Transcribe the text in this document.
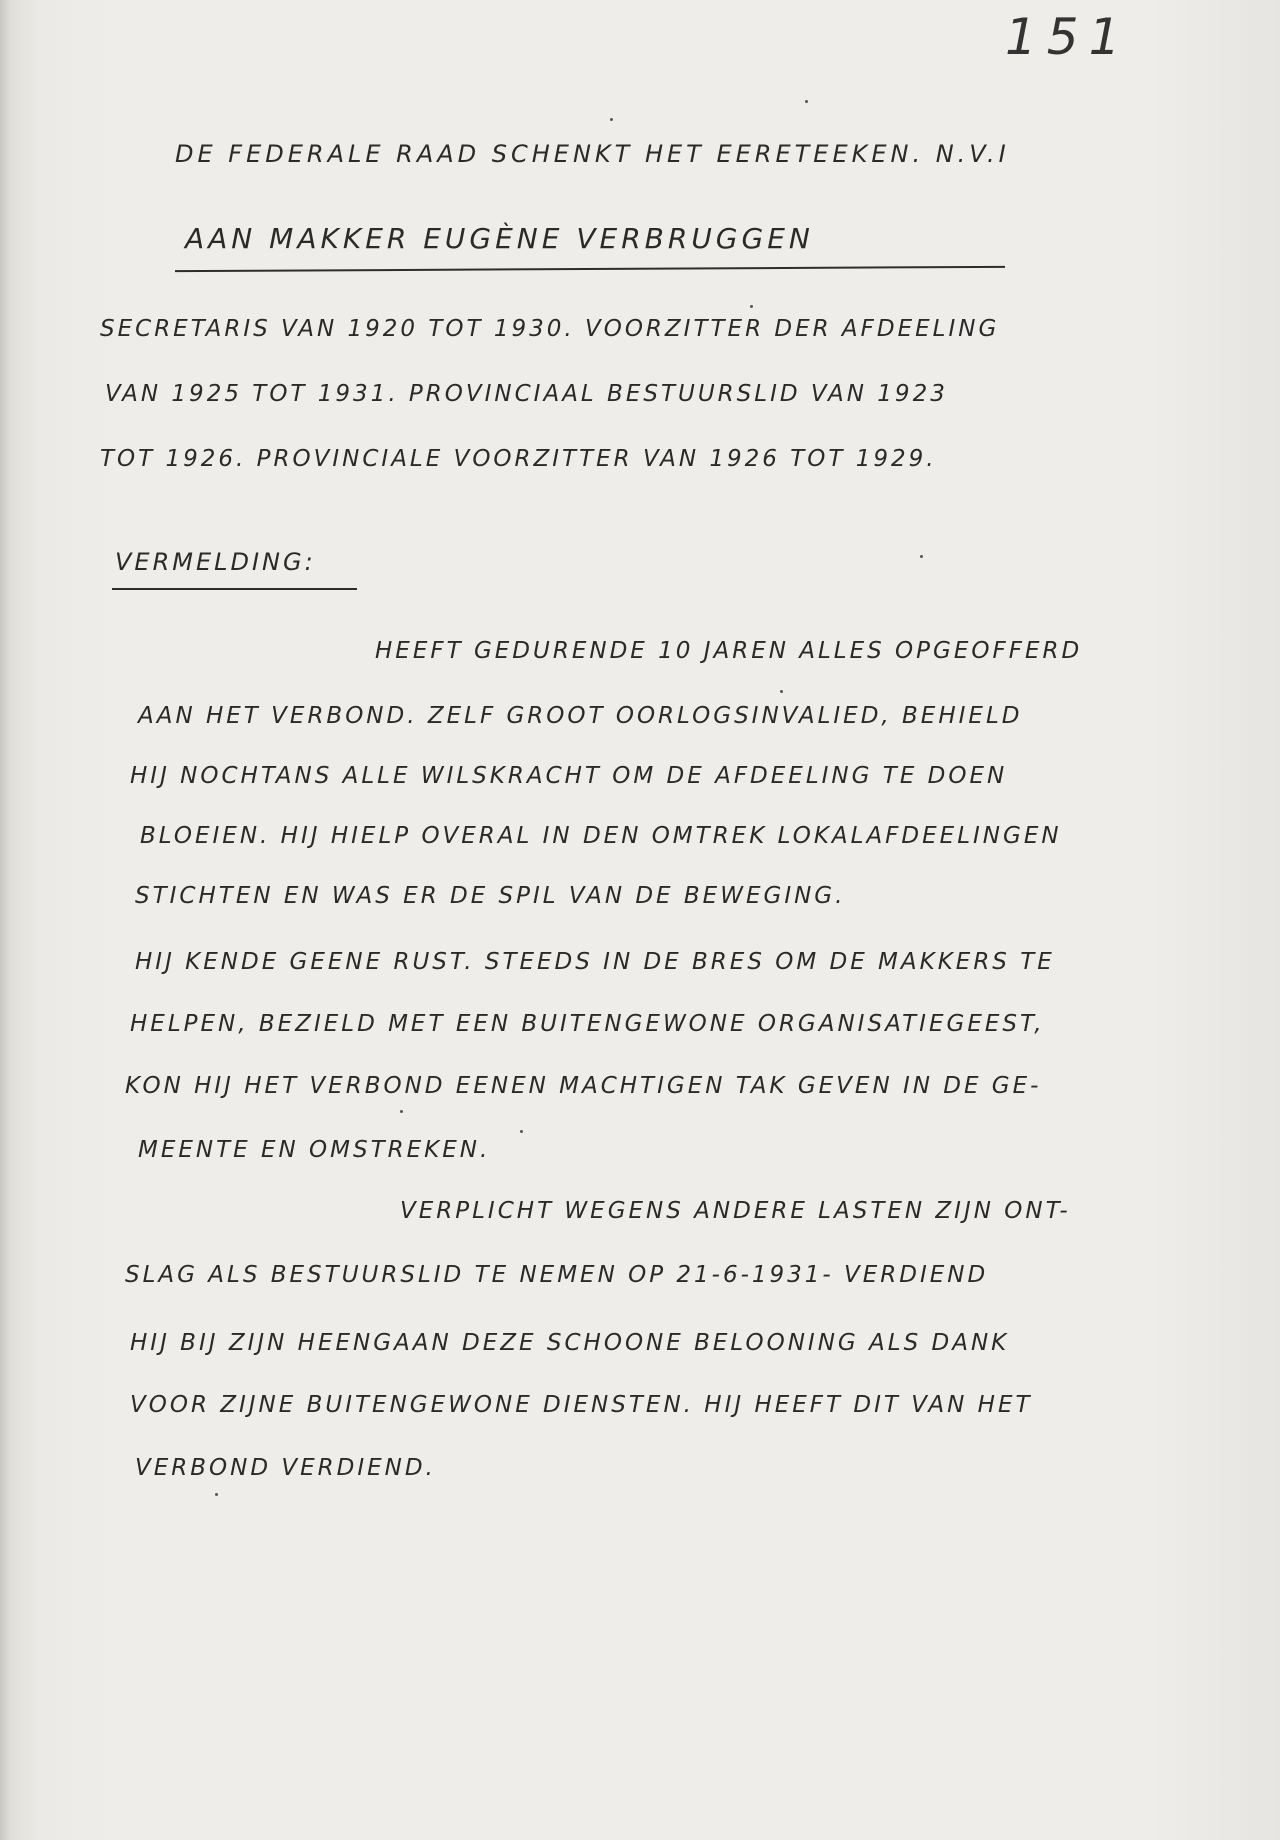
151
DE FEDERALE RAAD SCHENKT HET EERETEEKEN. N.V.I
AAN MAKKER EUGÈNE VERBRUGGEN
SECRETARIS VAN 1920 TOT 1930. VOORZITTER DER AFDEELING
VAN 1925 TOT 1931. PROVINCIAAL BESTUURSLID VAN 1923
TOT 1926. PROVINCIALE VOORZITTER VAN 1926 TOT 1929.
VERMELDING:
HEEFT GEDURENDE 10 JAREN ALLES OPGEOFFERD
AAN HET VERBOND. ZELF GROOT OORLOGSINVALIED, BEHIELD
HIJ NOCHTANS ALLE WILSKRACHT OM DE AFDEELING TE DOEN
BLOEIEN. HIJ HIELP OVERAL IN DEN OMTREK LOKALAFDEELINGEN
STICHTEN EN WAS ER DE SPIL VAN DE BEWEGING.
HIJ KENDE GEENE RUST. STEEDS IN DE BRES OM DE MAKKERS TE
HELPEN, BEZIELD MET EEN BUITENGEWONE ORGANISATIEGEEST,
KON HIJ HET VERBOND EENEN MACHTIGEN TAK GEVEN IN DE GE-
MEENTE EN OMSTREKEN.
VERPLICHT WEGENS ANDERE LASTEN ZIJN ONT-
SLAG ALS BESTUURSLID TE NEMEN OP 21-6-1931- VERDIEND
HIJ BIJ ZIJN HEENGAAN DEZE SCHOONE BELOONING ALS DANK
VOOR ZIJNE BUITENGEWONE DIENSTEN. HIJ HEEFT DIT VAN HET
VERBOND VERDIEND.
